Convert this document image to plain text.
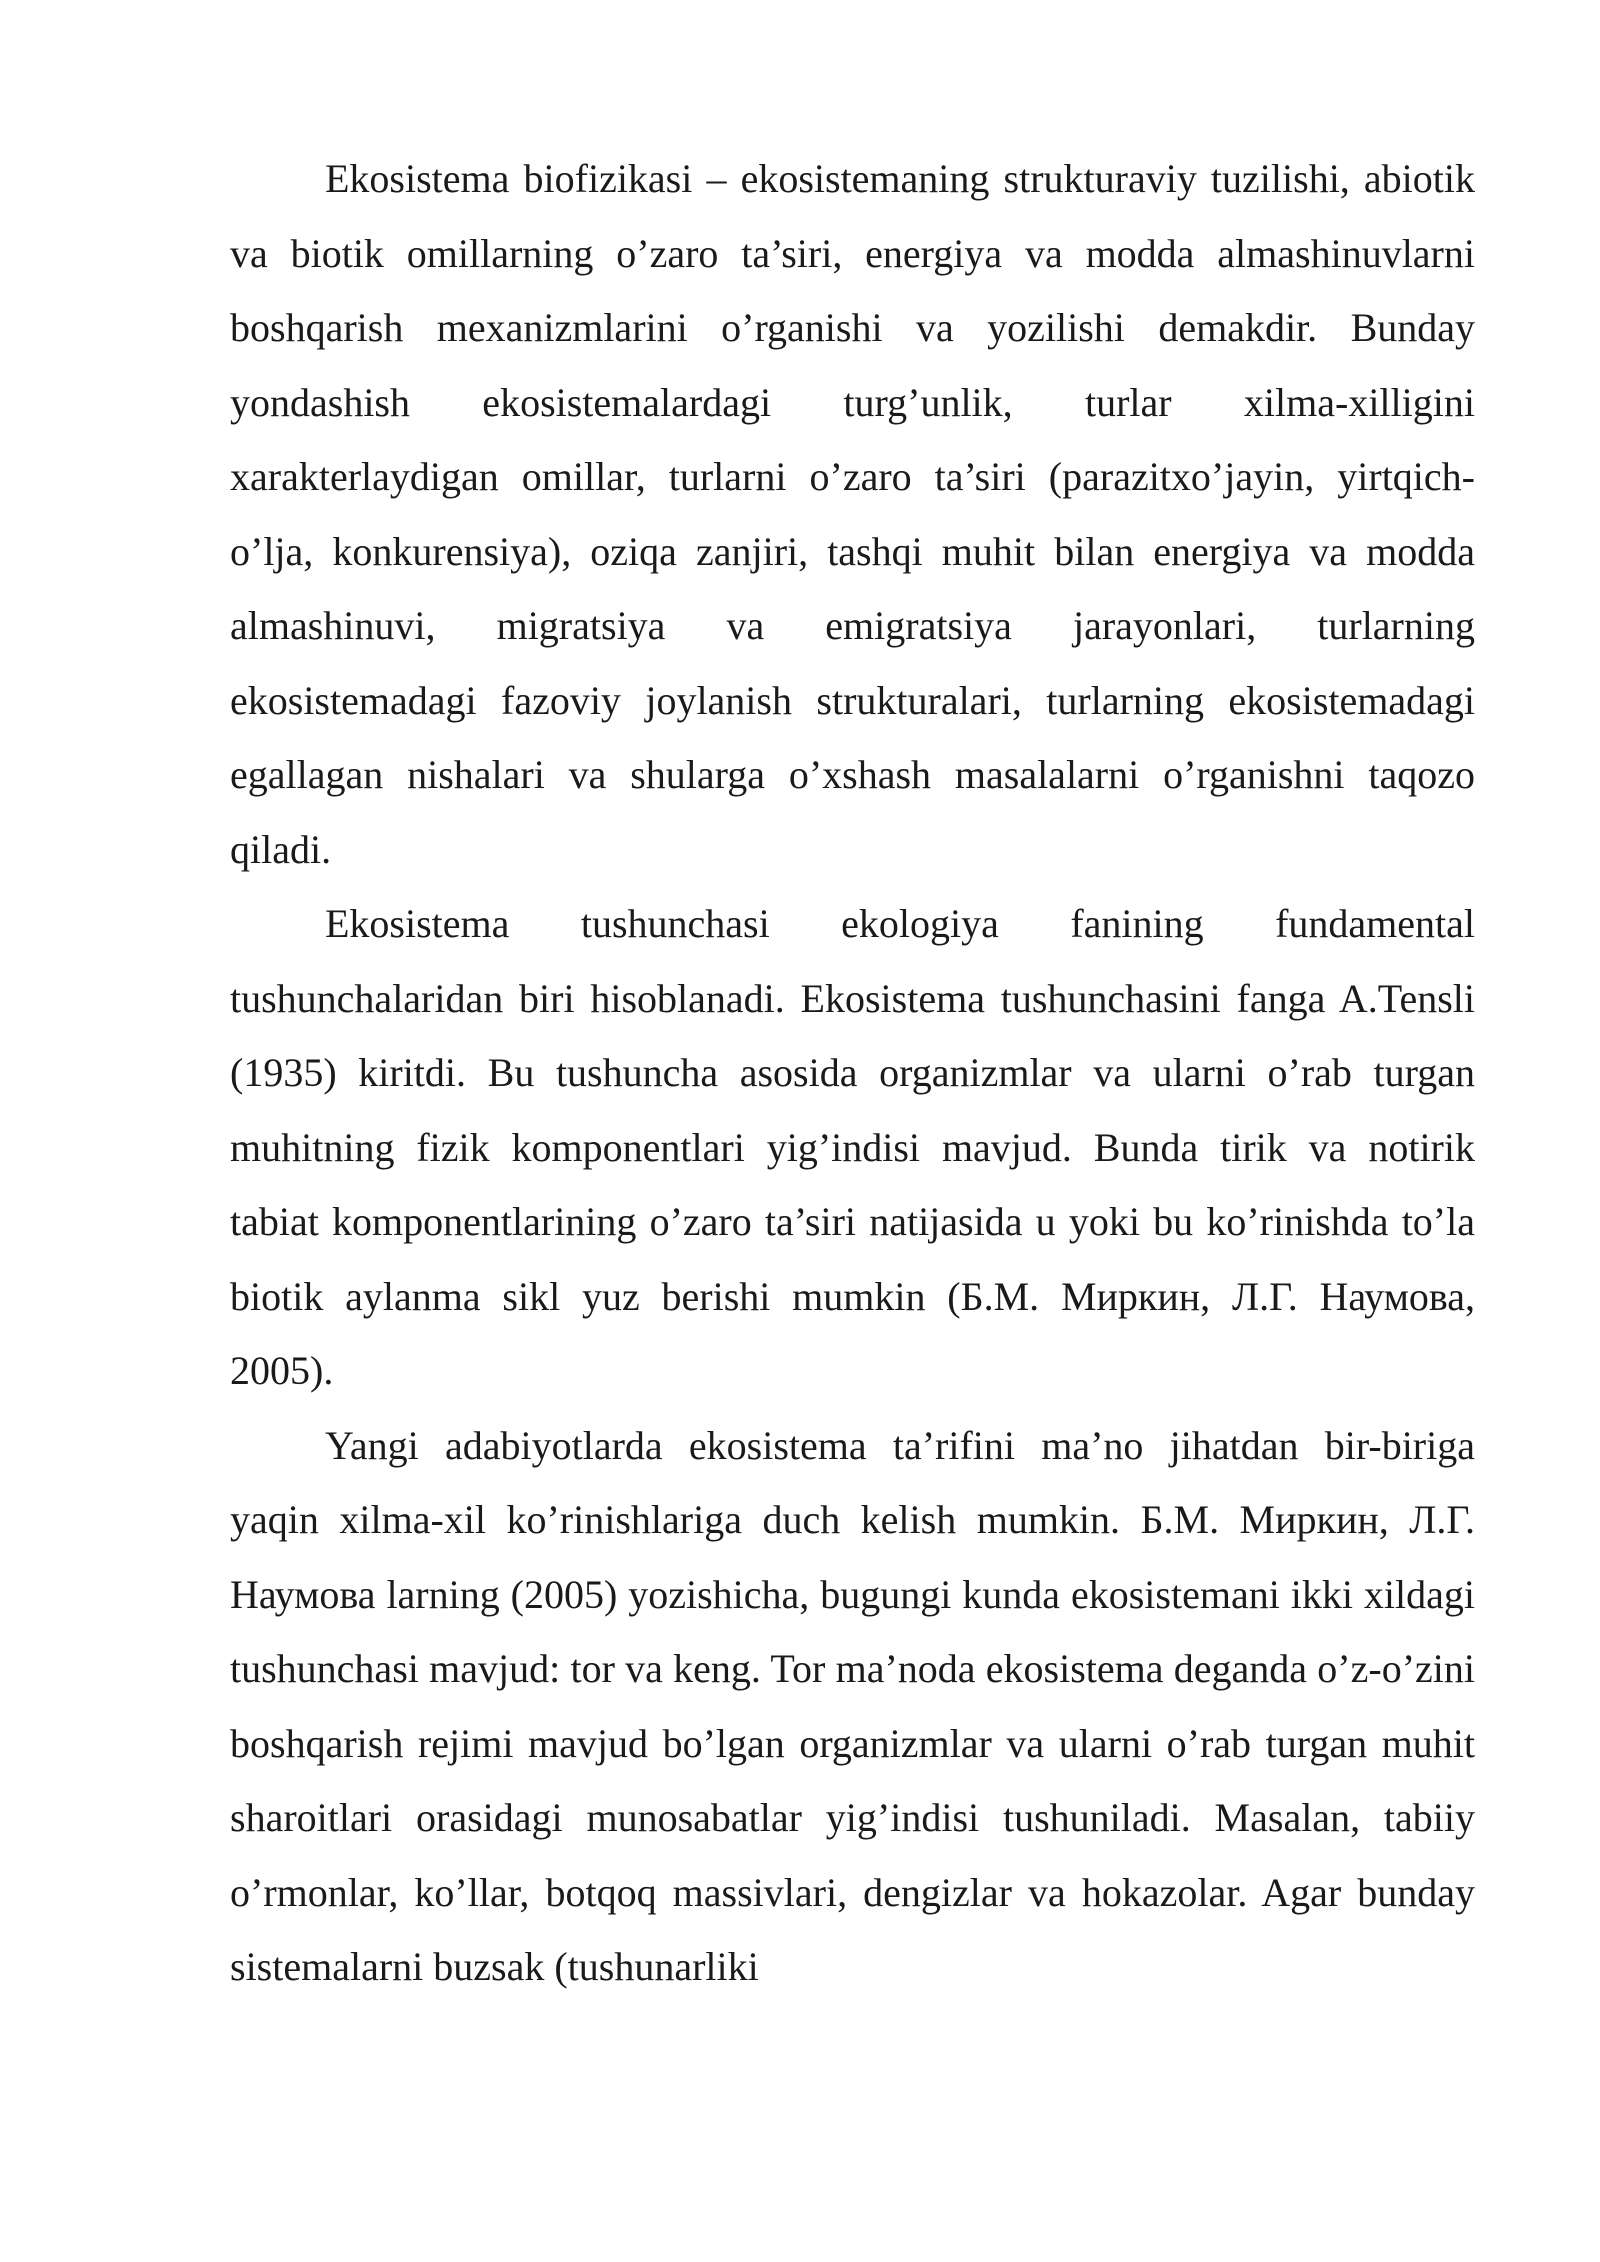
Ekosistema biofizikasi – ekosistemaning strukturaviy tuzilishi, abiotik va biotik omillarning o’zaro ta’siri, energiya va modda almashinuvlarni boshqarish mexanizmlarini o’rganishi va yozilishi demakdir. Bunday yondashish ekosistemalardagi turg’unlik, turlar xilma-xilligini xarakterlaydigan omillar, turlarni o’zaro ta’siri (parazitxo’jayin, yirtqich-o’lja, konkurensiya), oziqa zanjiri, tashqi muhit bilan energiya va modda almashinuvi, migratsiya va emigratsiya jarayonlari, turlarning ekosistemadagi fazoviy joylanish strukturalari, turlarning ekosistemadagi egallagan nishalari va shularga o’xshash masalalarni o’rganishni taqozo qiladi.

Ekosistema tushunchasi ekologiya fanining fundamental tushunchalaridan biri hisoblanadi. Ekosistema tushunchasini fanga A.Tensli (1935) kiritdi. Bu tushuncha asosida organizmlar va ularni o’rab turgan muhitning fizik komponentlari yig’indisi mavjud. Bunda tirik va notirik tabiat komponentlarining o’zaro ta’siri natijasida u yoki bu ko’rinishda to’la biotik aylanma sikl yuz berishi mumkin (Б.М. Миркин, Л.Г. Наумова, 2005).

Yangi adabiyotlarda ekosistema ta’rifini ma’no jihatdan bir-biriga yaqin xilma-xil ko’rinishlariga duch kelish mumkin. Б.М. Миркин, Л.Г. Наумова larning (2005) yozishicha, bugungi kunda ekosistemani ikki xildagi tushunchasi mavjud: tor va keng. Tor ma’noda ekosistema deganda o’z-o’zini boshqarish rejimi mavjud bo’lgan organizmlar va ularni o’rab turgan muhit sharoitlari orasidagi munosabatlar yig’indisi tushuniladi. Masalan, tabiiy o’rmonlar, ko’llar, botqoq massivlari, dengizlar va hokazolar. Agar bunday sistemalarni buzsak (tushunarliki
